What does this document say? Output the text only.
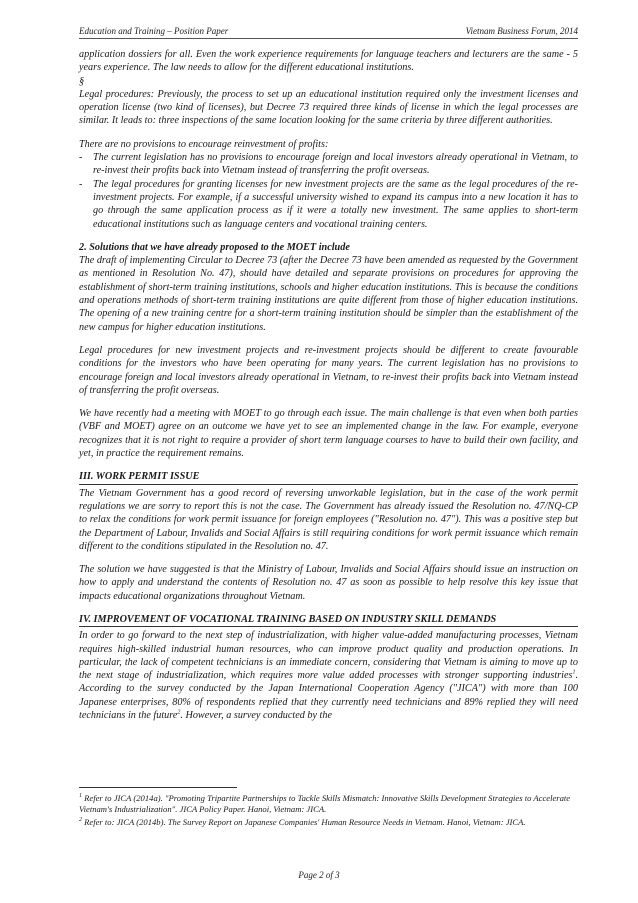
Education and Training – Position Paper	Vietnam Business Forum, 2014

application dossiers for all. Even the work experience requirements for language teachers and lecturers are the same - 5 years experience. The law needs to allow for the different educational institutions.

§

Legal procedures: Previously, the process to set up an educational institution required only the investment licenses and operation license (two kind of licenses), but Decree 73 required three kinds of license in which the legal processes are similar. It leads to: three inspections of the same location looking for the same criteria by three different authorities.

There are no provisions to encourage reinvestment of profits:

- The current legislation has no provisions to encourage foreign and local investors already operational in Vietnam, to re-invest their profits back into Vietnam instead of transferring the profit overseas.
- The legal procedures for granting licenses for new investment projects are the same as the legal procedures of the re-investment projects. For example, if a successful university wished to expand its campus into a new location it has to go through the same application process as if it were a totally new investment. The same applies to short-term educational institutions such as language centers and vocational training centers.

2. Solutions that we have already proposed to the MOET include

The draft of implementing Circular to Decree 73 (after the Decree 73 have been amended as requested by the Government as mentioned in Resolution No. 47), should have detailed and separate provisions on procedures for approving the establishment of short-term training institutions, schools and higher education institutions. This is because the conditions and operations methods of short-term training institutions are quite different from those of higher education institutions. The opening of a new training centre for a short-term training institution should be simpler than the establishment of the new campus for higher education institutions.

Legal procedures for new investment projects and re-investment projects should be different to create favourable conditions for the investors who have been operating for many years. The current legislation has no provisions to encourage foreign and local investors already operational in Vietnam, to re-invest their profits back into Vietnam instead of transferring the profit overseas.

We have recently had a meeting with MOET to go through each issue. The main challenge is that even when both parties (VBF and MOET) agree on an outcome we have yet to see an implemented change in the law. For example, everyone recognizes that it is not right to require a provider of short term language courses to have to build their own facility, and yet, in practice the requirement remains.

III. WORK PERMIT ISSUE

The Vietnam Government has a good record of reversing unworkable legislation, but in the case of the work permit regulations we are sorry to report this is not the case. The Government has already issued the Resolution no. 47/NQ-CP to relax the conditions for work permit issuance for foreign employees ("Resolution no. 47"). This was a positive step but the Department of Labour, Invalids and Social Affairs is still requiring conditions for work permit issuance which remain different to the conditions stipulated in the Resolution no. 47.

The solution we have suggested is that the Ministry of Labour, Invalids and Social Affairs should issue an instruction on how to apply and understand the contents of Resolution no. 47 as soon as possible to help resolve this key issue that impacts educational organizations throughout Vietnam.

IV. IMPROVEMENT OF VOCATIONAL TRAINING BASED ON INDUSTRY SKILL DEMANDS

In order to go forward to the next step of industrialization, with higher value-added manufacturing processes, Vietnam requires high-skilled industrial human resources, who can improve product quality and production operations. In particular, the lack of competent technicians is an immediate concern, considering that Vietnam is aiming to move up to the next stage of industrialization, which requires more value added processes with stronger supporting industries$^1$. According to the survey conducted by the Japan International Cooperation Agency ("JICA") with more than 100 Japanese enterprises, 80% of respondents replied that they currently need technicians and 89% replied they will need technicians in the future$^2$. However, a survey conducted by the

$^1$ Refer to JICA (2014a). "Promoting Tripartite Partnerships to Tackle Skills Mismatch: Innovative Skills Development Strategies to Accelerate Vietnam's Industrialization". JICA Policy Paper. Hanoi, Vietnam: JICA.
$^2$ Refer to: JICA (2014b). The Survey Report on Japanese Companies' Human Resource Needs in Vietnam. Hanoi, Vietnam: JICA.
Page 2 of 3
